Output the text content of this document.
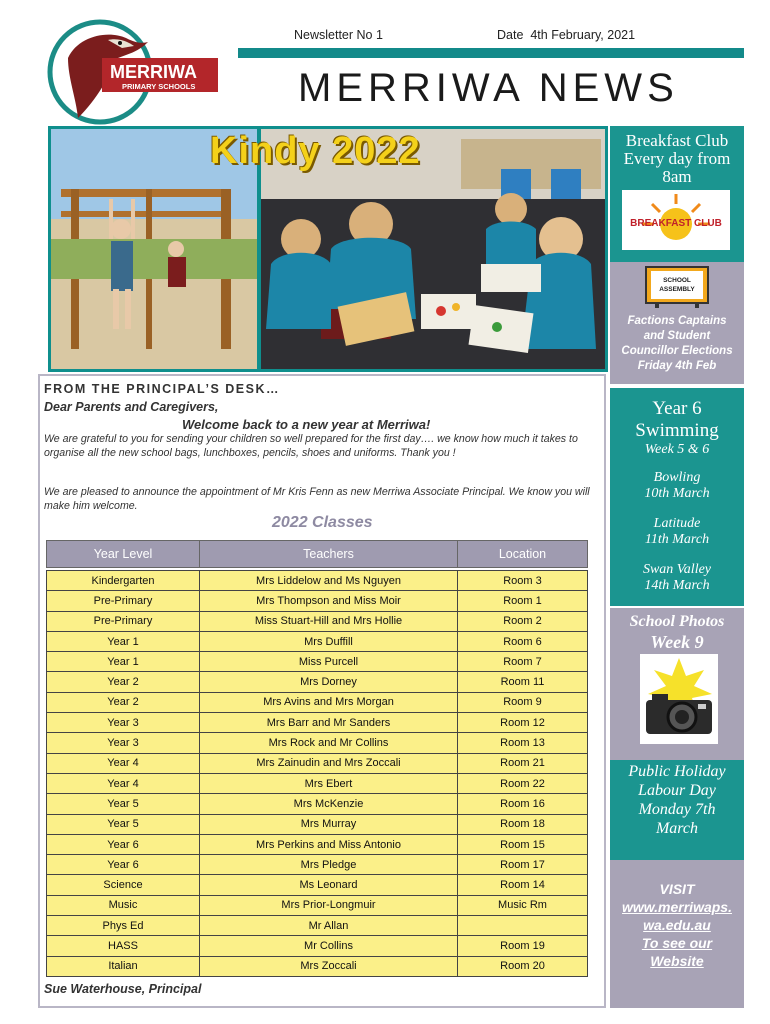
MERRIWA
PRIMARY SCHOOLS
Newsletter No 1	Date 4th February, 2021
MERRIWA NEWS
Kindy 2022	Breakfast Club
Every day from
8am
BREAKFAST CLUB
SCHOOL
ASSEMBLY
Factions Captains
and Student
Councillor Elections
Friday 4th Feb
Year 6
Swimming
Week 5 & 6
Bowling
10th March
Latitude
11th March
Swan Valley
14th March
School Photos
Week 9
Public Holiday
Labour Day
Monday 7th
March
VISIT
www.merriwaps.
wa.edu.au
To see our
Website
FROM THE PRINCIPAL’S DESK…
Dear Parents and Caregivers,
Welcome back to a new year at Merriwa!
We are grateful to you for sending your children so well prepared for the first day…. we know how much it takes to organise all the new school bags, lunchboxes, pencils, shoes and uniforms. Thank you !
We are pleased to announce the appointment of Mr Kris Fenn as new Merriwa Associate Principal. We know you will make him welcome.
2022 Classes
Year Level	Teachers	Location

Kindergarten	Mrs Liddelow and Ms Nguyen	Room 3
Pre-Primary	Mrs Thompson and Miss Moir	Room 1
Pre-Primary	Miss Stuart-Hill and Mrs Hollie	Room 2
Year 1	Mrs Duffill	Room 6
Year 1	Miss Purcell	Room 7
Year 2	Mrs Dorney	Room 11
Year 2	Mrs Avins and Mrs Morgan	Room 9
Year 3	Mrs Barr and Mr Sanders	Room 12
Year 3	Mrs Rock and Mr Collins	Room 13
Year 4	Mrs Zainudin and Mrs Zoccali	Room 21
Year 4	Mrs Ebert	Room 22
Year 5	Mrs McKenzie	Room 16
Year 5	Mrs Murray	Room 18
Year 6	Mrs Perkins and Miss Antonio	Room 15
Year 6	Mrs Pledge	Room 17
Science	Ms Leonard	Room 14
Music	Mrs Prior-Longmuir	Music Rm
Phys Ed	Mr Allan	
HASS	Mr Collins	Room 19
Italian	Mrs Zoccali	Room 20
Sue Waterhouse, Principal
